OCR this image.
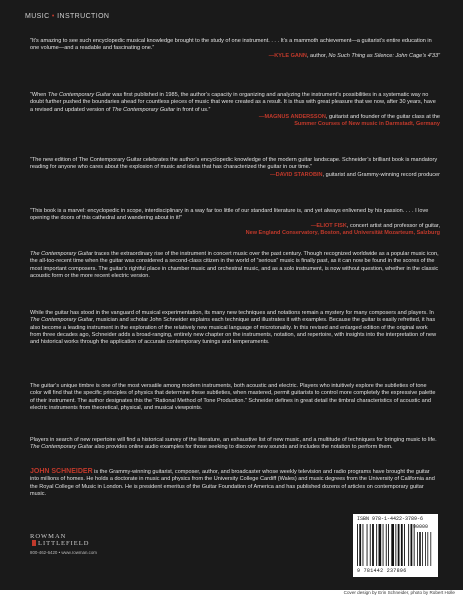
MUSIC • INSTRUCTION

“It’s amazing to see such encyclopedic musical knowledge brought to the study of one instrument. . . . It’s a mammoth achievement—a guitarist’s entire education in one volume—and a readable and fascinating one.”

—KYLE GANN, author, No Such Thing as Silence: John Cage’s 4'33"

“When The Contemporary Guitar was first published in 1985, the author’s capacity in organizing and analyzing the instrument’s possibilities in a systematic way no doubt further pushed the boundaries ahead for countless pieces of music that were created as a result. It is thus with great pleasure that we now, after 30 years, have a revised and updated version of The Contemporary Guitar in front of us.”

—MAGNUS ANDERSSON, guitarist and founder of the guitar class at the

Summer Courses of New music in Darmstadt, Germany

“The new edition of The Contemporary Guitar celebrates the author’s encyclopedic knowledge of the modern guitar landscape. Schneider’s brilliant book is mandatory reading for anyone who cares about the explosion of music and ideas that has characterized the guitar in our time.”

—DAVID STAROBIN, guitarist and Grammy-winning record producer

“This book is a marvel: encyclopedic in scope, interdisciplinary in a way far too little of our standard literature is, and yet always enlivened by his passion. . . . I love opening the doors of this cathedral and wandering about in it!”

—ELIOT FISK, concert artist and professor of guitar,

New England Conservatory, Boston, and Universität Mozarteum, Salzburg

The Contemporary Guitar traces the extraordinary rise of the instrument in concert music over the past century. Though recognized worldwide as a popular music icon, the all-too-recent time when the guitar was considered a second-class citizen in the world of “serious” music is finally past, as it can now be found in the scores of the most important composers. The guitar’s rightful place in chamber music and orchestral music, and as a solo instrument, is now without question, whether in the classic acoustic form or the more recent electric version.

While the guitar has stood in the vanguard of musical experimentation, its many new techniques and notations remain a mystery for many composers and players. In The Contemporary Guitar, musician and scholar John Schneider explains each technique and illustrates it with examples. Because the guitar is easily refretted, it has also become a leading instrument in the exploration of the relatively new musical language of microtonality. In this revised and enlarged edition of the original work from three decades ago, Schneider adds a broad-ranging, entirely new chapter on the instruments, notation, and repertoire, with insights into the interpretation of new and historical works through the application of accurate contemporary tunings and temperaments.

The guitar’s unique timbre is one of the most versatile among modern instruments, both acoustic and electric. Players who intuitively explore the subtleties of tone color will find that the specific principles of physics that determine these subtleties, when mastered, permit guitarists to control more completely the expressive palette of their instrument. The author designates this the “Rational Method of Tone Production.” Schneider defines in great detail the timbral characteristics of acoustic and electric instruments from theoretical, physical, and musical viewpoints.

Players in search of new repertoire will find a historical survey of the literature, an exhaustive list of new music, and a multitude of techniques for bringing music to life. The Contemporary Guitar also provides online audio examples for those seeking to discover new sounds and includes the notation to perform them.

JOHN SCHNEIDER is the Grammy-winning guitarist, composer, author, and broadcaster whose weekly television and radio programs have brought the guitar into millions of homes. He holds a doctorate in music and physics from the University College Cardiff (Wales) and music degrees from the University of California and the Royal College of Music in London. He is president emeritus of the Guitar Foundation of America and has published dozens of articles on contemporary guitar music.

ROWMAN
LITTLEFIELD
800-462-6420 • www.rowman.com
ISBN 978-1-4422-3789-6
90000
9 781442 237896
Cover design by Erin Schneider, photo by Robert Holle
